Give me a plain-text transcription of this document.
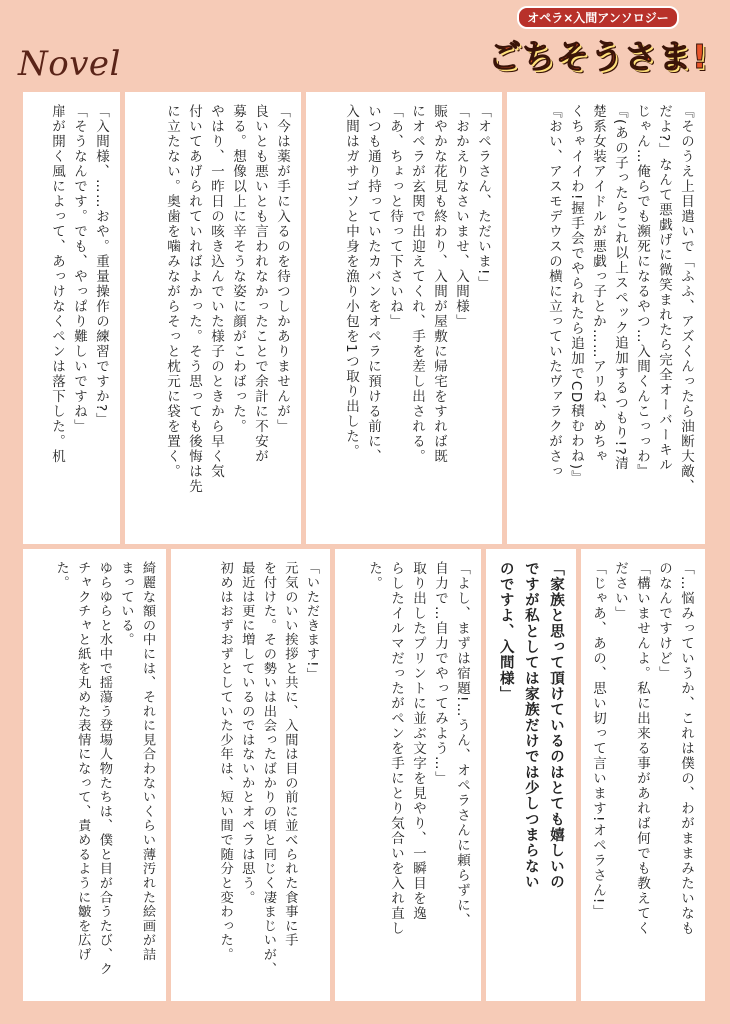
Novel
オペラ×入間アンソロジー
ごちそうさま!
『そのうえ上目遣いで「ふふ、アズくんったら油断大敵、
だよ?」なんて悪戯げに微笑まれたら完全オーバーキル
じゃん…俺らでも瀕死になるやつ…入間くんこっっわ』
『(あの子ったらこれ以上スペック追加するつもり!?清
楚系女装アイドルが悪戯っ子とか……アリね、めちゃ
くちゃイイわ!握手会でやられたら追加でCD積むわね)』
『おい、アスモデウスの横に立っていたヴァラクがさっ
「オペラさん、ただいま!」
「おかえりなさいませ、入間様」
賑やかな花見も終わり、入間が屋敷に帰宅をすれば既
にオペラが玄関で出迎えてくれ、手を差し出される。
「あ、ちょっと待って下さいね」
いつも通り持っていたカバンをオペラに預ける前に、
入間はガサゴソと中身を漁り小包を1つ取り出した。
「今は薬が手に入るのを待つしかありませんが」
良いとも悪いとも言われなかったことで余計に不安が
募る。想像以上に辛そうな姿に顔がこわばった。
やはり、一昨日の咳き込んでいた様子のときから早く気
付いてあげられていればよかった。そう思っても後悔は先
に立たない。奥歯を噛みながらそっと枕元に袋を置く。
「入間様、……おや。重量操作の練習ですか?」
「そうなんです。でも、やっぱり難しいですね」
扉が開く風によって、あっけなくペンは落下した。机
「…悩みっていうか、これは僕の、わがままみたいなも
のなんですけど」
「構いませんよ。私に出来る事があれば何でも教えてく
ださい」
「じゃあ、あの、思い切って言います!オペラさん!」
「家族と思って頂けているのはとても嬉しいの
ですが私としては家族だけでは少しつまらない
のですよ、入間様」
「よし、まずは宿題!…うん、オペラさんに頼らずに、
自力で…自力でやってみよう…」
取り出したプリントに並ぶ文字を見やり、一瞬目を逸
らしたイルマだったがペンを手にとり気合いを入れ直し
た。
「いただきます!」
元気のいい挨拶と共に、入間は目の前に並べられた食事に手
を付けた。その勢いは出会ったばかりの頃と同じく凄まじいが、
最近は更に増しているのではないかとオペラは思う。
初めはおずおずとしていた少年は、短い間で随分と変わった。
綺麗な額の中には、それに見合わないくらい薄汚れた絵画が詰
まっている。
ゆらゆらと水中で揺蕩う登場人物たちは、僕と目が合うたび、ク
チャクチャと紙を丸めた表情になって、責めるように皺を広げ
た。
